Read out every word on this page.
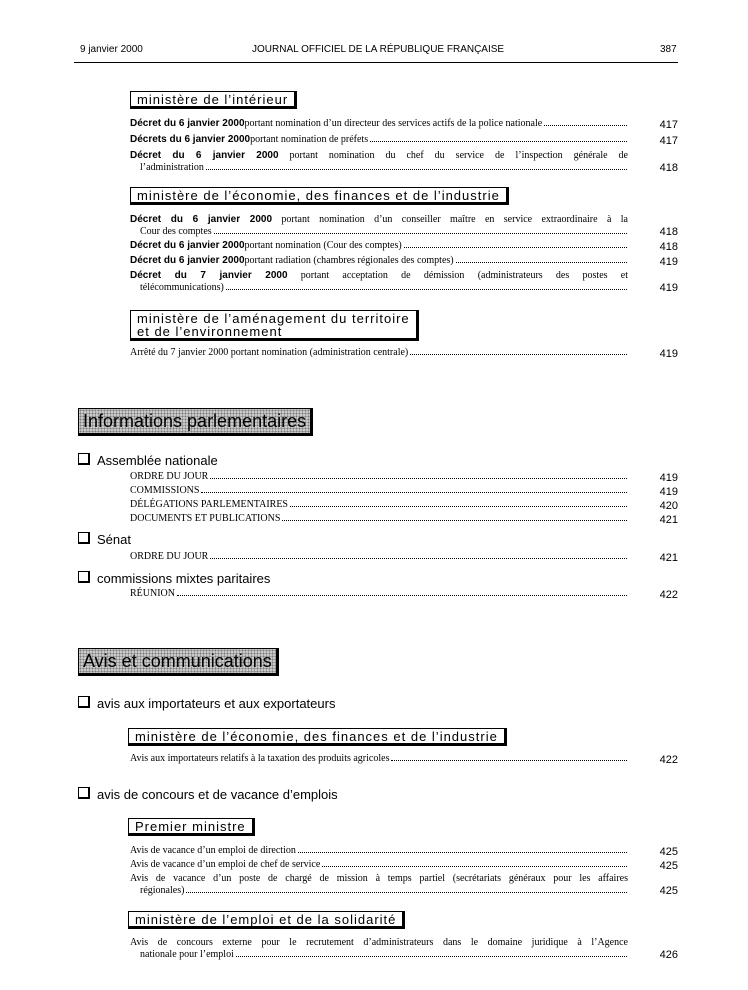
9 janvier 2000	JOURNAL OFFICIEL DE LA RÉPUBLIQUE FRANÇAISE	387
ministère de l’intérieur
Décret du 6 janvier 2000 portant nomination d’un directeur des services actifs de la police nationale	417
Décrets du 6 janvier 2000 portant nomination de préfets	417
Décret du 6 janvier 2000 portant nomination du chef du service de l’inspection générale de
l’administration	418
ministère de l’économie, des finances et de l’industrie
Décret du 6 janvier 2000 portant nomination d’un conseiller maître en service extraordinaire à la
Cour des comptes	418
Décret du 6 janvier 2000 portant nomination (Cour des comptes)	418
Décret du 6 janvier 2000 portant radiation (chambres régionales des comptes)	419
Décret du 7 janvier 2000 portant acceptation de démission (administrateurs des postes et
télécommunications)	419
ministère de l’aménagement du territoire
et de l’environnement
Arrêté du 7 janvier 2000 portant nomination (administration centrale)	419
Informations parlementaires
Assemblée nationale
ORDRE DU JOUR	419
COMMISSIONS	419
DÉLÉGATIONS PARLEMENTAIRES	420
DOCUMENTS ET PUBLICATIONS	421
Sénat
ORDRE DU JOUR	421
commissions mixtes paritaires
RÉUNION	422
Avis et communications
avis aux importateurs et aux exportateurs
ministère de l’économie, des finances et de l’industrie
Avis aux importateurs relatifs à la taxation des produits agricoles	422
avis de concours et de vacance d’emplois
Premier ministre
Avis de vacance d’un emploi de direction	425
Avis de vacance d’un emploi de chef de service	425
Avis de vacance d’un poste de chargé de mission à temps partiel (secrétariats généraux pour les affaires
régionales)	425
ministère de l’emploi et de la solidarité
Avis de concours externe pour le recrutement d’administrateurs dans le domaine juridique à l’Agence
nationale pour l’emploi	426
